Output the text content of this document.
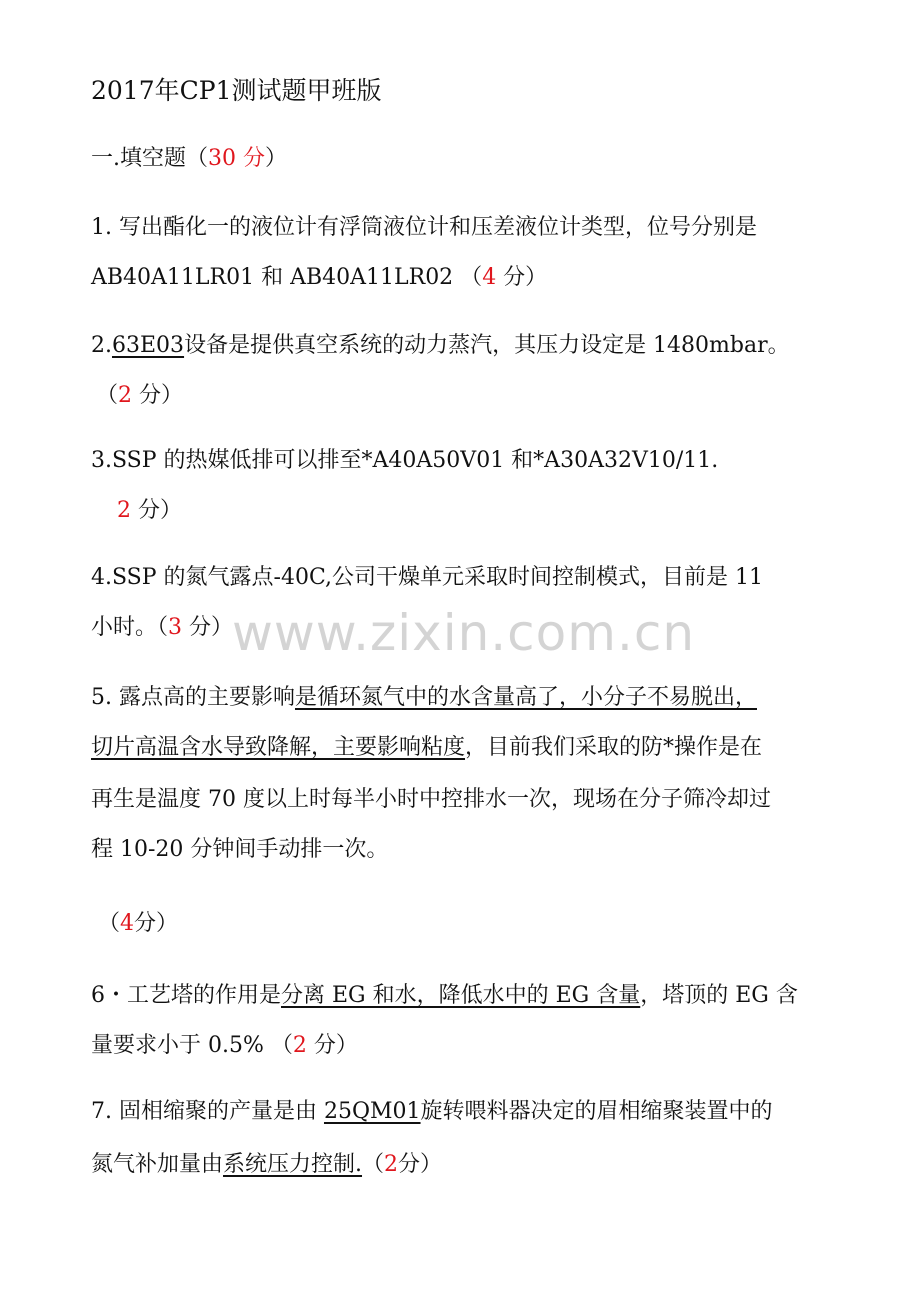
2017年CP1测试题甲班版
一.填空题（30 分）
1. 写出酯化一的液位计有浮筒液位计和压差液位计类型，位号分别是
AB40A11LR01 和 AB40A11LR02 （4 分）
2.63E03设备是提供真空系统的动力蒸汽，其压力设定是 1480mbar。
（2 分）
3.SSP 的热媒低排可以排至*A40A50V01 和*A30A32V10/11.
2 分）
4.SSP 的氮气露点-40C,公司干燥单元采取时间控制模式，目前是 11
小时。（3 分）
5. 露点高的主要影响是循环氮气中的水含量高了，小分子不易脱出，
切片高温含水导致降解，主要影响粘度，目前我们采取的防*操作是在
再生是温度 70 度以上时每半小时中控排水一次，现场在分子筛冷却过
程 10-20 分钟间手动排一次。
（4分）
6・工艺塔的作用是分离 EG 和水，降低水中的 EG 含量，塔顶的 EG 含
量要求小于 0.5% （2 分）
7. 固相缩聚的产量是由 25QM01旋转喂料器决定的眉相缩聚装置中的
氮气补加量由系统压力控制.（2分）
www.zixin.com.cn
